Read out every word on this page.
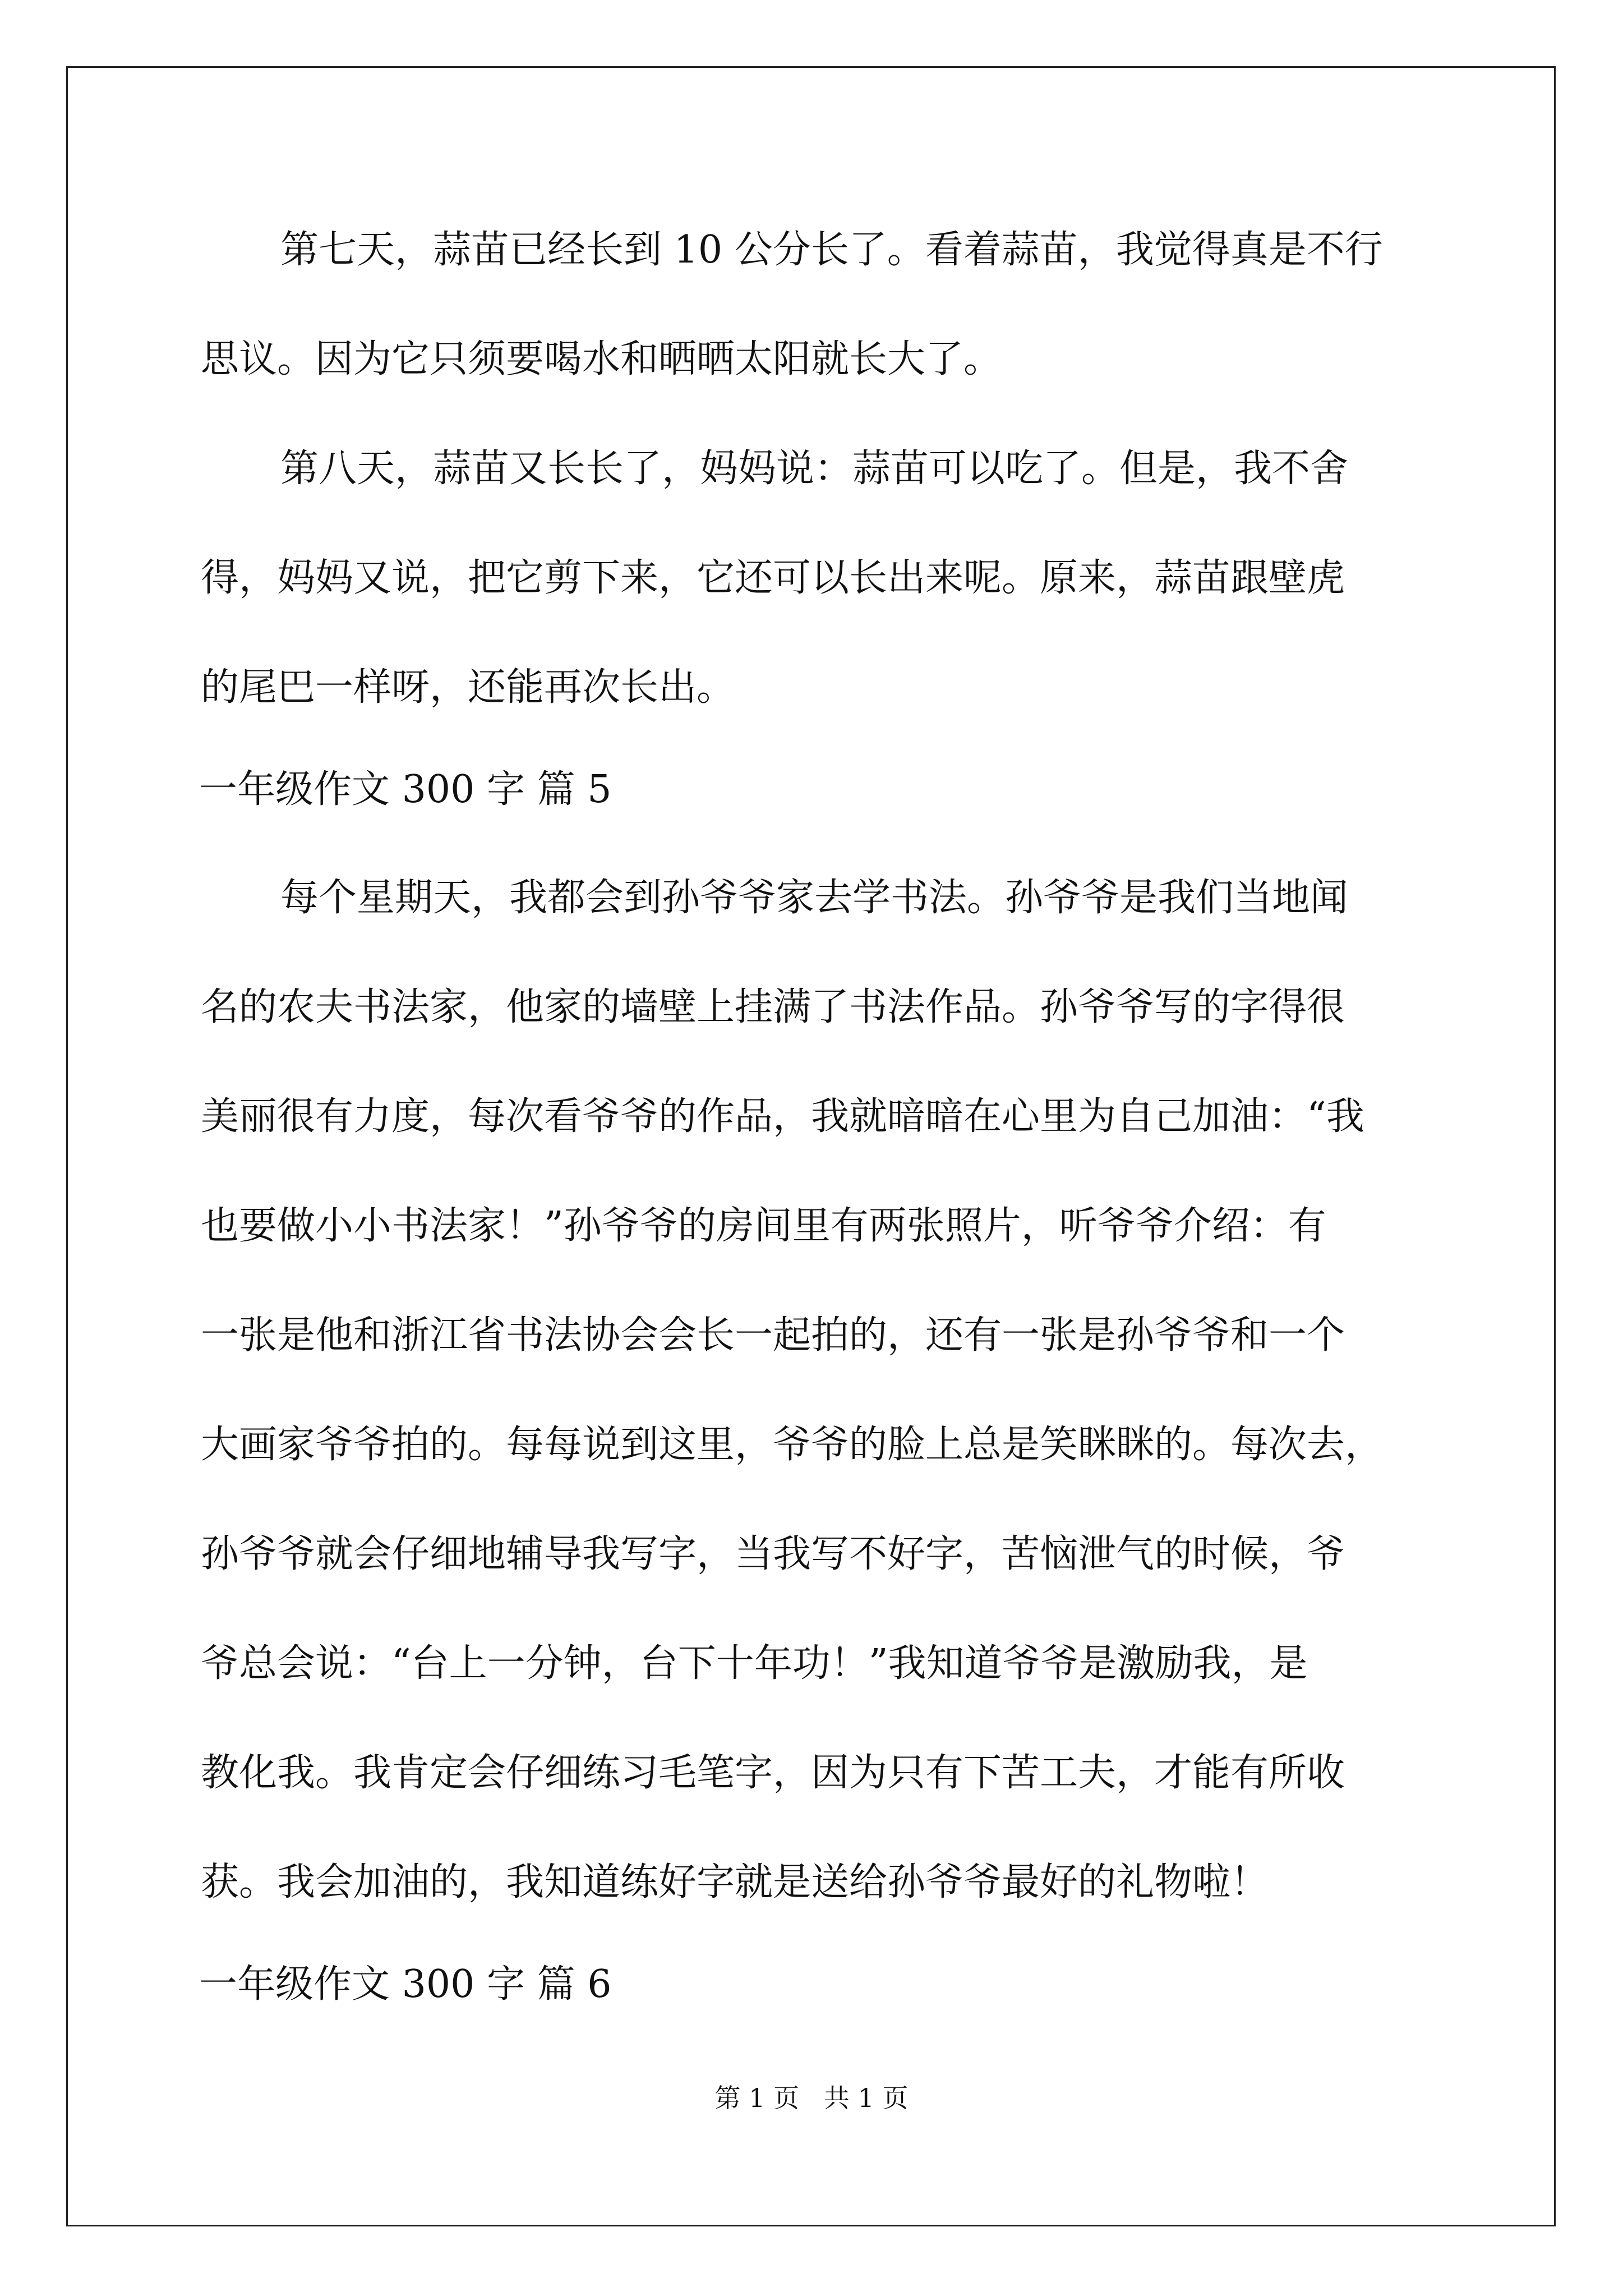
第七天，蒜苗已经长到 10 公分长了。看着蒜苗，我觉得真是不行
思议。因为它只须要喝水和晒晒太阳就长大了。
第八天，蒜苗又长长了，妈妈说：蒜苗可以吃了。但是，我不舍
得，妈妈又说，把它剪下来，它还可以长出来呢。原来，蒜苗跟壁虎
的尾巴一样呀，还能再次长出。
一年级作文 300 字 篇 5
每个星期天，我都会到孙爷爷家去学书法。孙爷爷是我们当地闻
名的农夫书法家，他家的墙壁上挂满了书法作品。孙爷爷写的字得很
美丽很有力度，每次看爷爷的作品，我就暗暗在心里为自己加油：“我
也要做小小书法家！”孙爷爷的房间里有两张照片，听爷爷介绍：有
一张是他和浙江省书法协会会长一起拍的，还有一张是孙爷爷和一个
大画家爷爷拍的。每每说到这里，爷爷的脸上总是笑眯眯的。每次去，
孙爷爷就会仔细地辅导我写字，当我写不好字，苦恼泄气的时候，爷
爷总会说：“台上一分钟，台下十年功！”我知道爷爷是激励我，是
教化我。我肯定会仔细练习毛笔字，因为只有下苦工夫，才能有所收
获。我会加油的，我知道练好字就是送给孙爷爷最好的礼物啦！
一年级作文 300 字 篇 6
第 1 页   共 1 页
